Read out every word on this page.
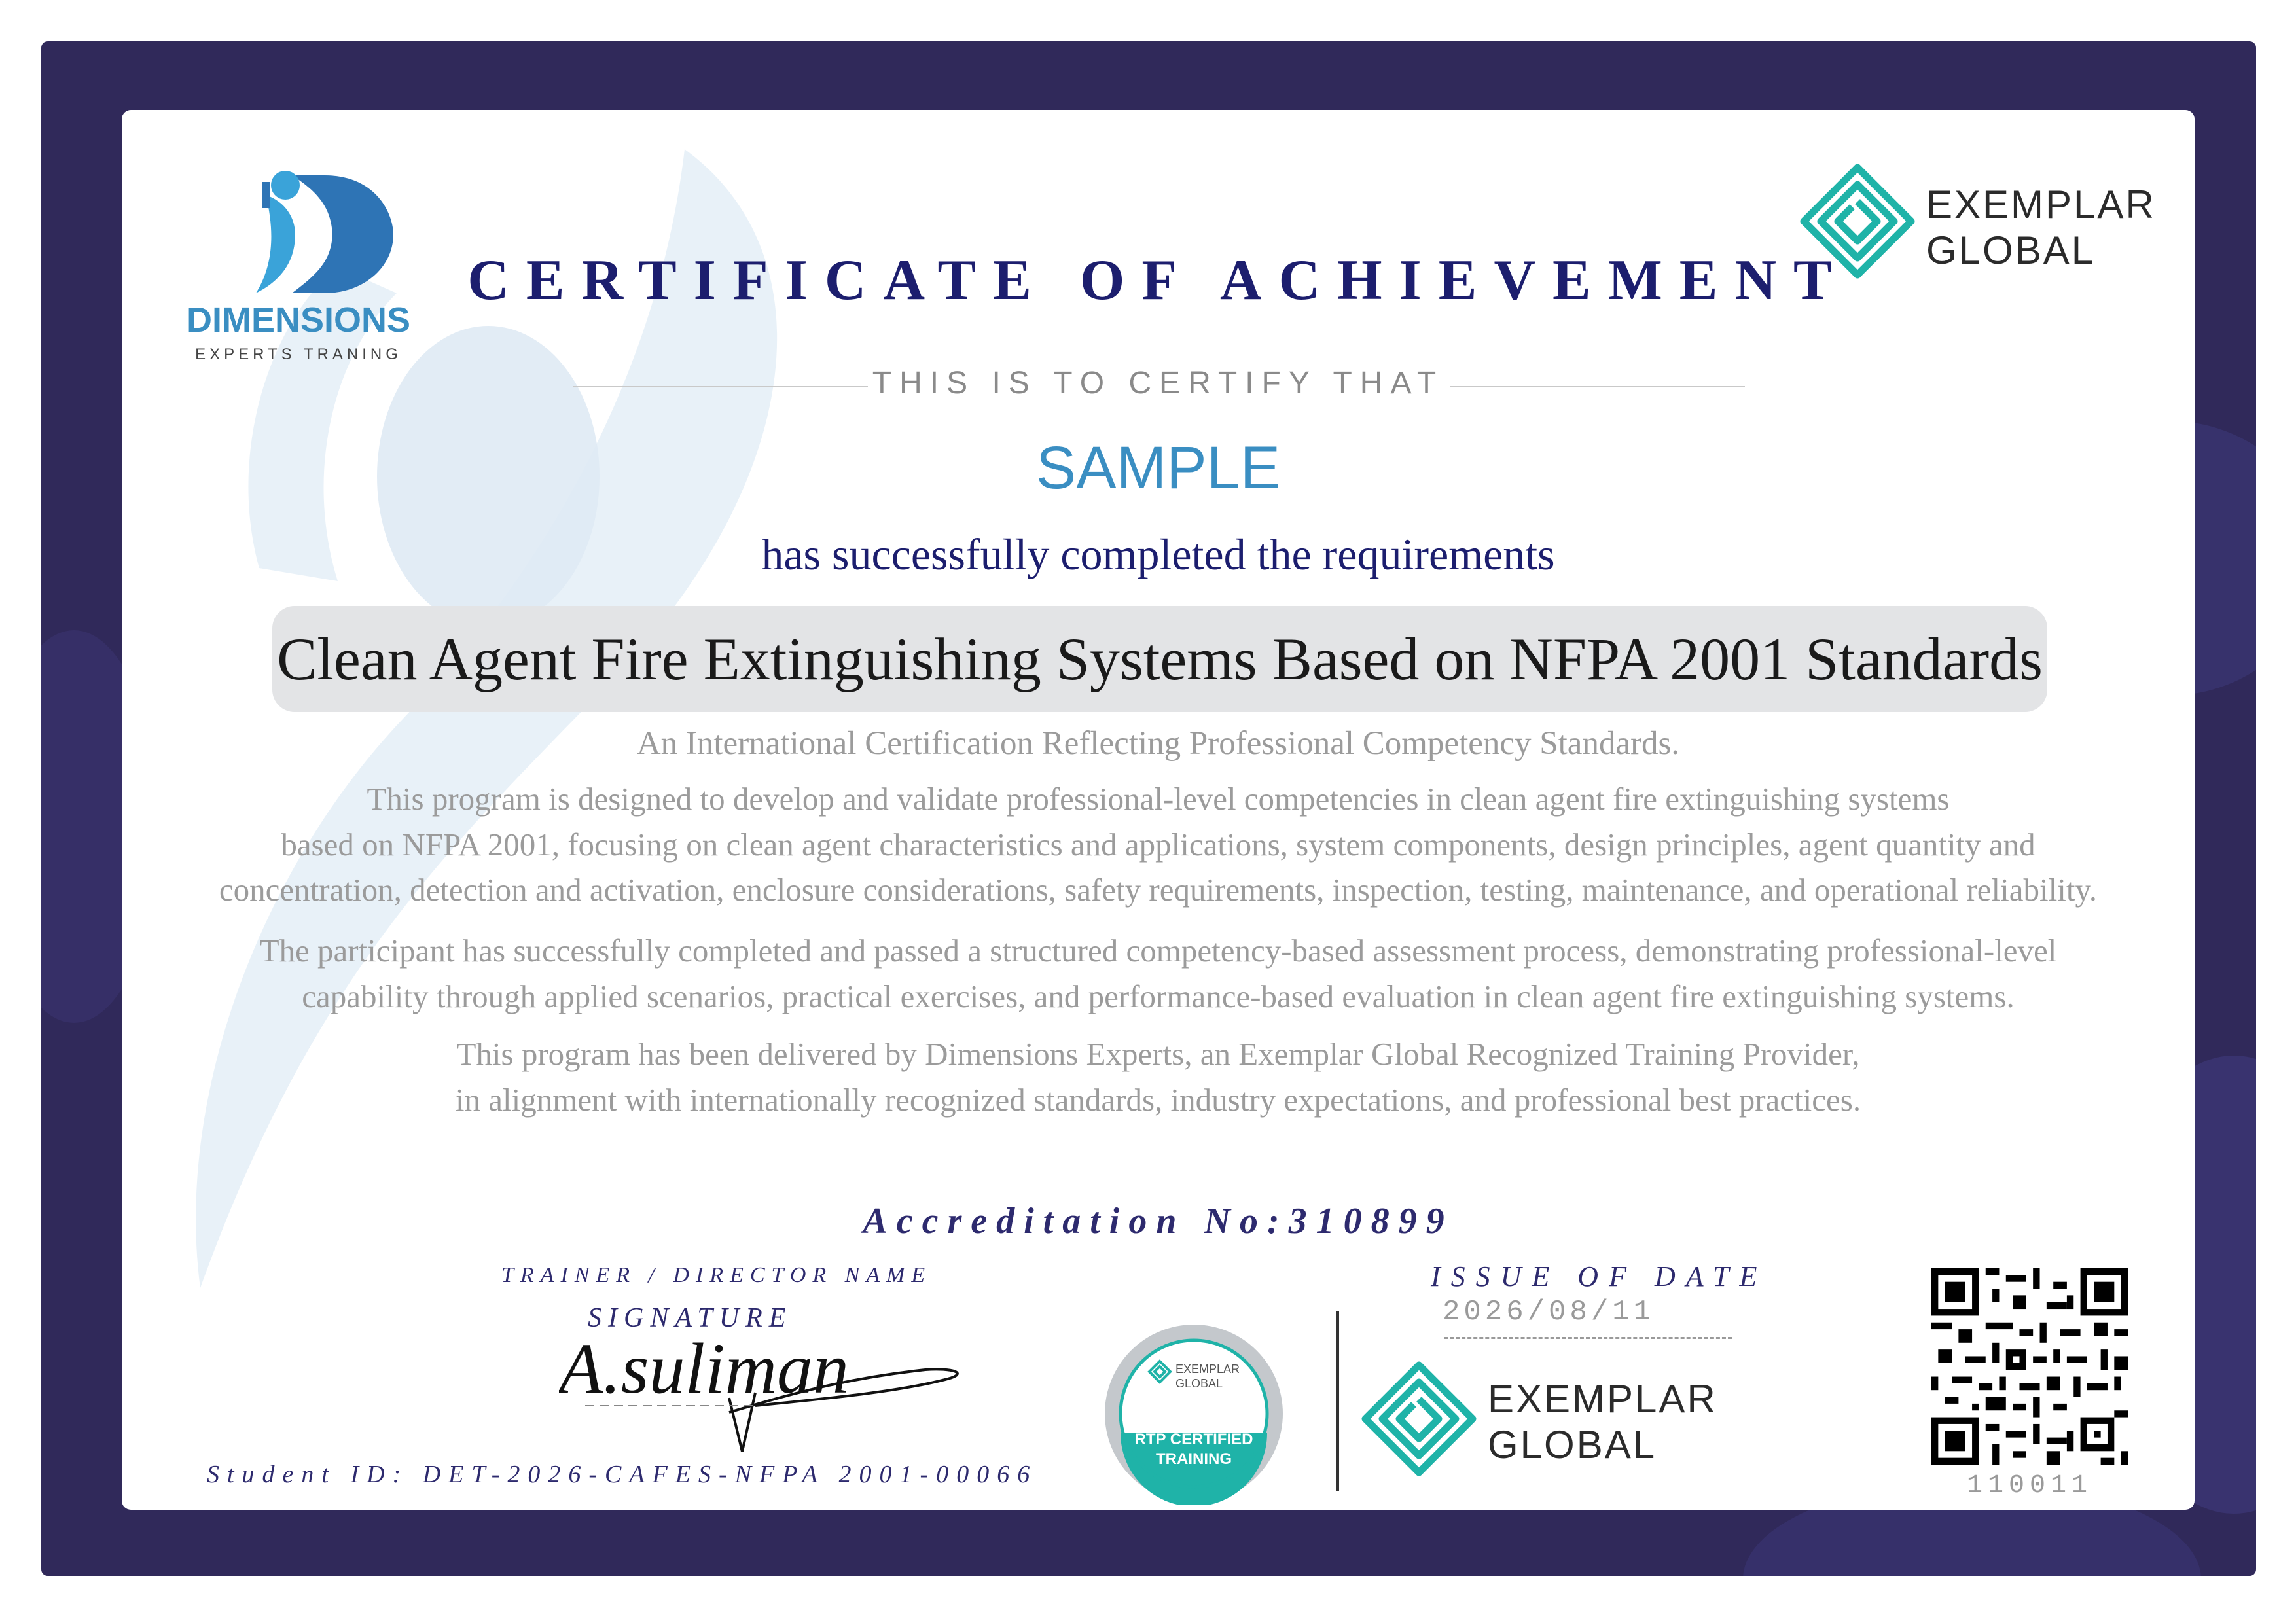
DIMENSIONS
EXPERTS TRANING
EXEMPLAR
GLOBAL
CERTIFICATE OF ACHIEVEMENT
THIS IS TO CERTIFY THAT
SAMPLE
has successfully completed the requirements
Clean Agent Fire Extinguishing Systems Based on NFPA 2001 Standards
An International Certification Reflecting Professional Competency Standards.
This program is designed to develop and validate professional-level competencies in clean agent fire extinguishing systems
based on NFPA 2001, focusing on clean agent characteristics and applications, system components, design principles, agent quantity and
concentration, detection and activation, enclosure considerations, safety requirements, inspection, testing, maintenance, and operational reliability.
The participant has successfully completed and passed a structured competency-based assessment process, demonstrating professional-level
capability through applied scenarios, practical exercises, and performance-based evaluation in clean agent fire extinguishing systems.
This program has been delivered by Dimensions Experts, an Exemplar Global Recognized Training Provider,
in alignment with internationally recognized standards, industry expectations, and professional best practices.
Accreditation No:310899
TRAINER / DIRECTOR NAME
SIGNATURE
A.suliman
Student ID: DET-2026-CAFES-NFPA 2001-00066
ISSUE OF DATE
2026/08/11
EXEMPLAR
GLOBAL
RTP CERTIFIED
TRAINING
EXEMPLAR
GLOBAL
110011
